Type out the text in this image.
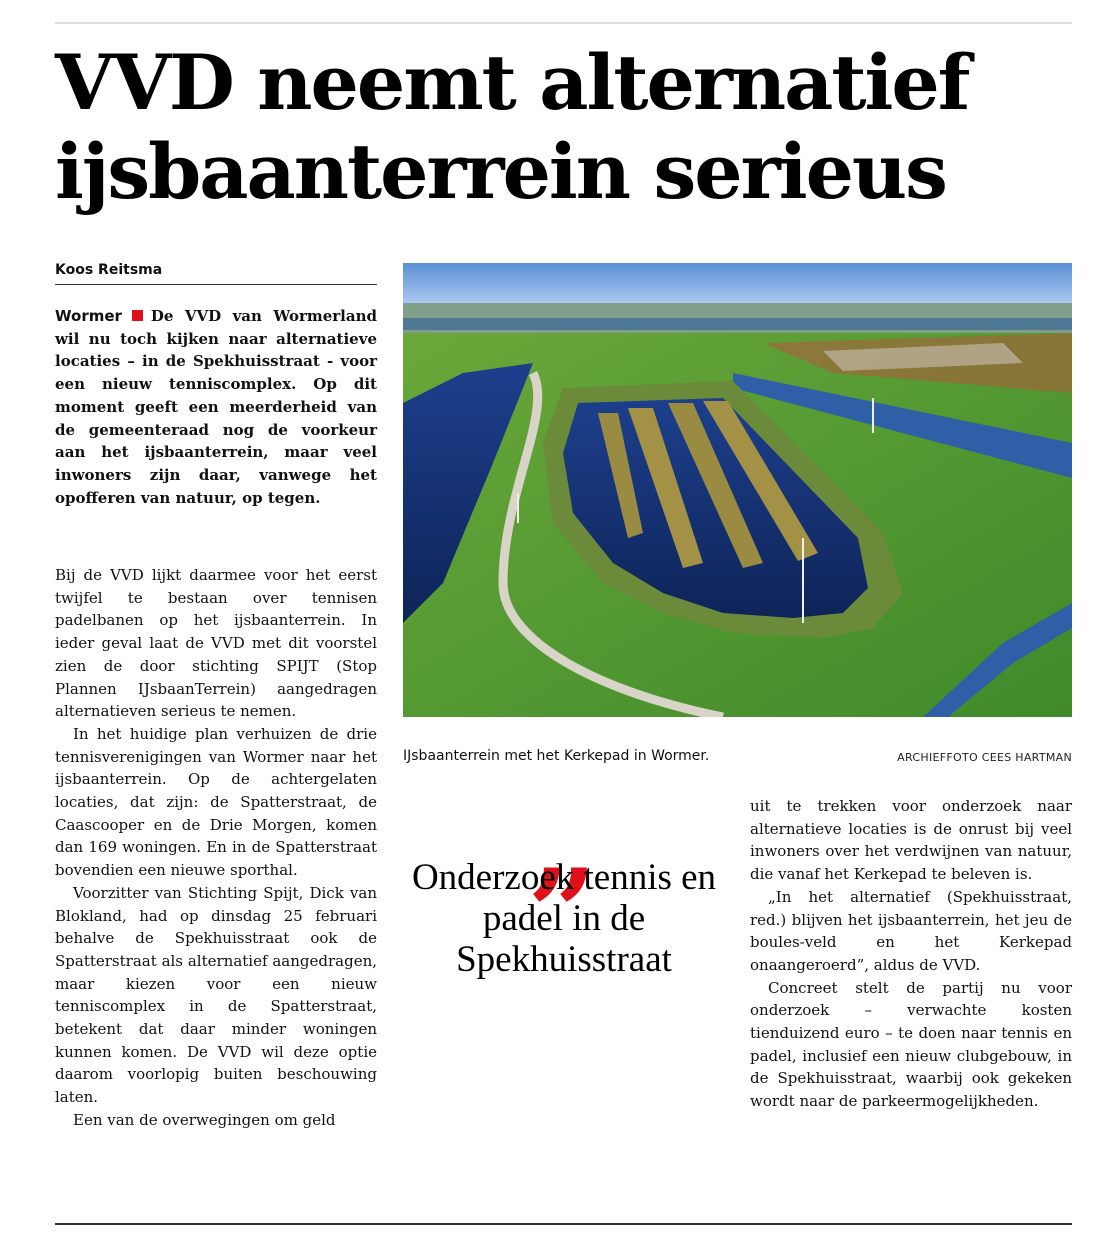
VVD neemt alternatief ijsbaanterrein serieus
Koos Reitsma

Wormer De VVD van Wormerland wil nu toch kijken naar alternatieve locaties – in de Spekhuisstraat - voor een nieuw tenniscomplex. Op dit moment geeft een meerderheid van de gemeenteraad nog de voorkeur aan het ijsbaanterrein, maar veel inwoners zijn daar, vanwege het opofferen van natuur, op tegen.

Bij de VVD lijkt daarmee voor het eerst twijfel te bestaan over tennisen padelbanen op het ijsbaanterrein. In ieder geval laat de VVD met dit voorstel zien de door stichting SPIJT (Stop Plannen IJsbaanTerrein) aangedragen alternatieven serieus te nemen.

In het huidige plan verhuizen de drie tennisverenigingen van Wormer naar het ijsbaanterrein. Op de achtergelaten locaties, dat zijn: de Spatterstraat, de Caascooper en de Drie Morgen, komen dan 169 woningen. En in de Spatterstraat bovendien een nieuwe sporthal.

Voorzitter van Stichting Spijt, Dick van Blokland, had op dinsdag 25 februari behalve de Spekhuisstraat ook de Spatterstraat als alternatief aangedragen, maar kiezen voor een nieuw tenniscomplex in de Spatterstraat, betekent dat daar minder woningen kunnen komen. De VVD wil deze optie daarom voorlopig buiten beschouwing laten.

Een van de overwegingen om geld

IJsbaanterrein met het Kerkepad in Wormer.	ARCHIEFFOTO CEES HARTMAN
„

Onderzoek tennis en padel in de Spekhuisstraat

uit te trekken voor onderzoek naar alternatieve locaties is de onrust bij veel inwoners over het verdwijnen van natuur, die vanaf het Kerkepad te beleven is.

„In het alternatief (Spekhuisstraat, red.) blijven het ijsbaanterrein, het jeu de boules-veld en het Kerkepad onaangeroerd”, aldus de VVD.

Concreet stelt de partij nu voor onderzoek – verwachte kosten tienduizend euro – te doen naar tennis en padel, inclusief een nieuw clubgebouw, in de Spekhuisstraat, waarbij ook gekeken wordt naar de parkeermogelijkheden.
